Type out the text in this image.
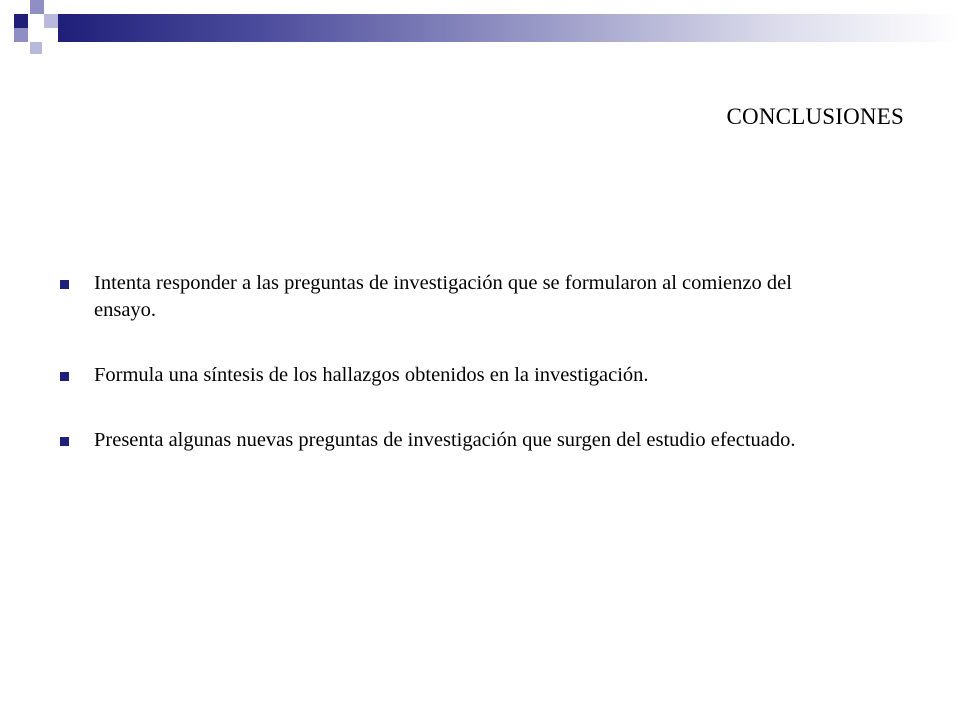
CONCLUSIONES
Intenta responder a las preguntas de investigación que se formularon al comienzo del ensayo.
Formula una síntesis de los hallazgos obtenidos en la investigación.
Presenta algunas nuevas preguntas de investigación que surgen del estudio efectuado.
